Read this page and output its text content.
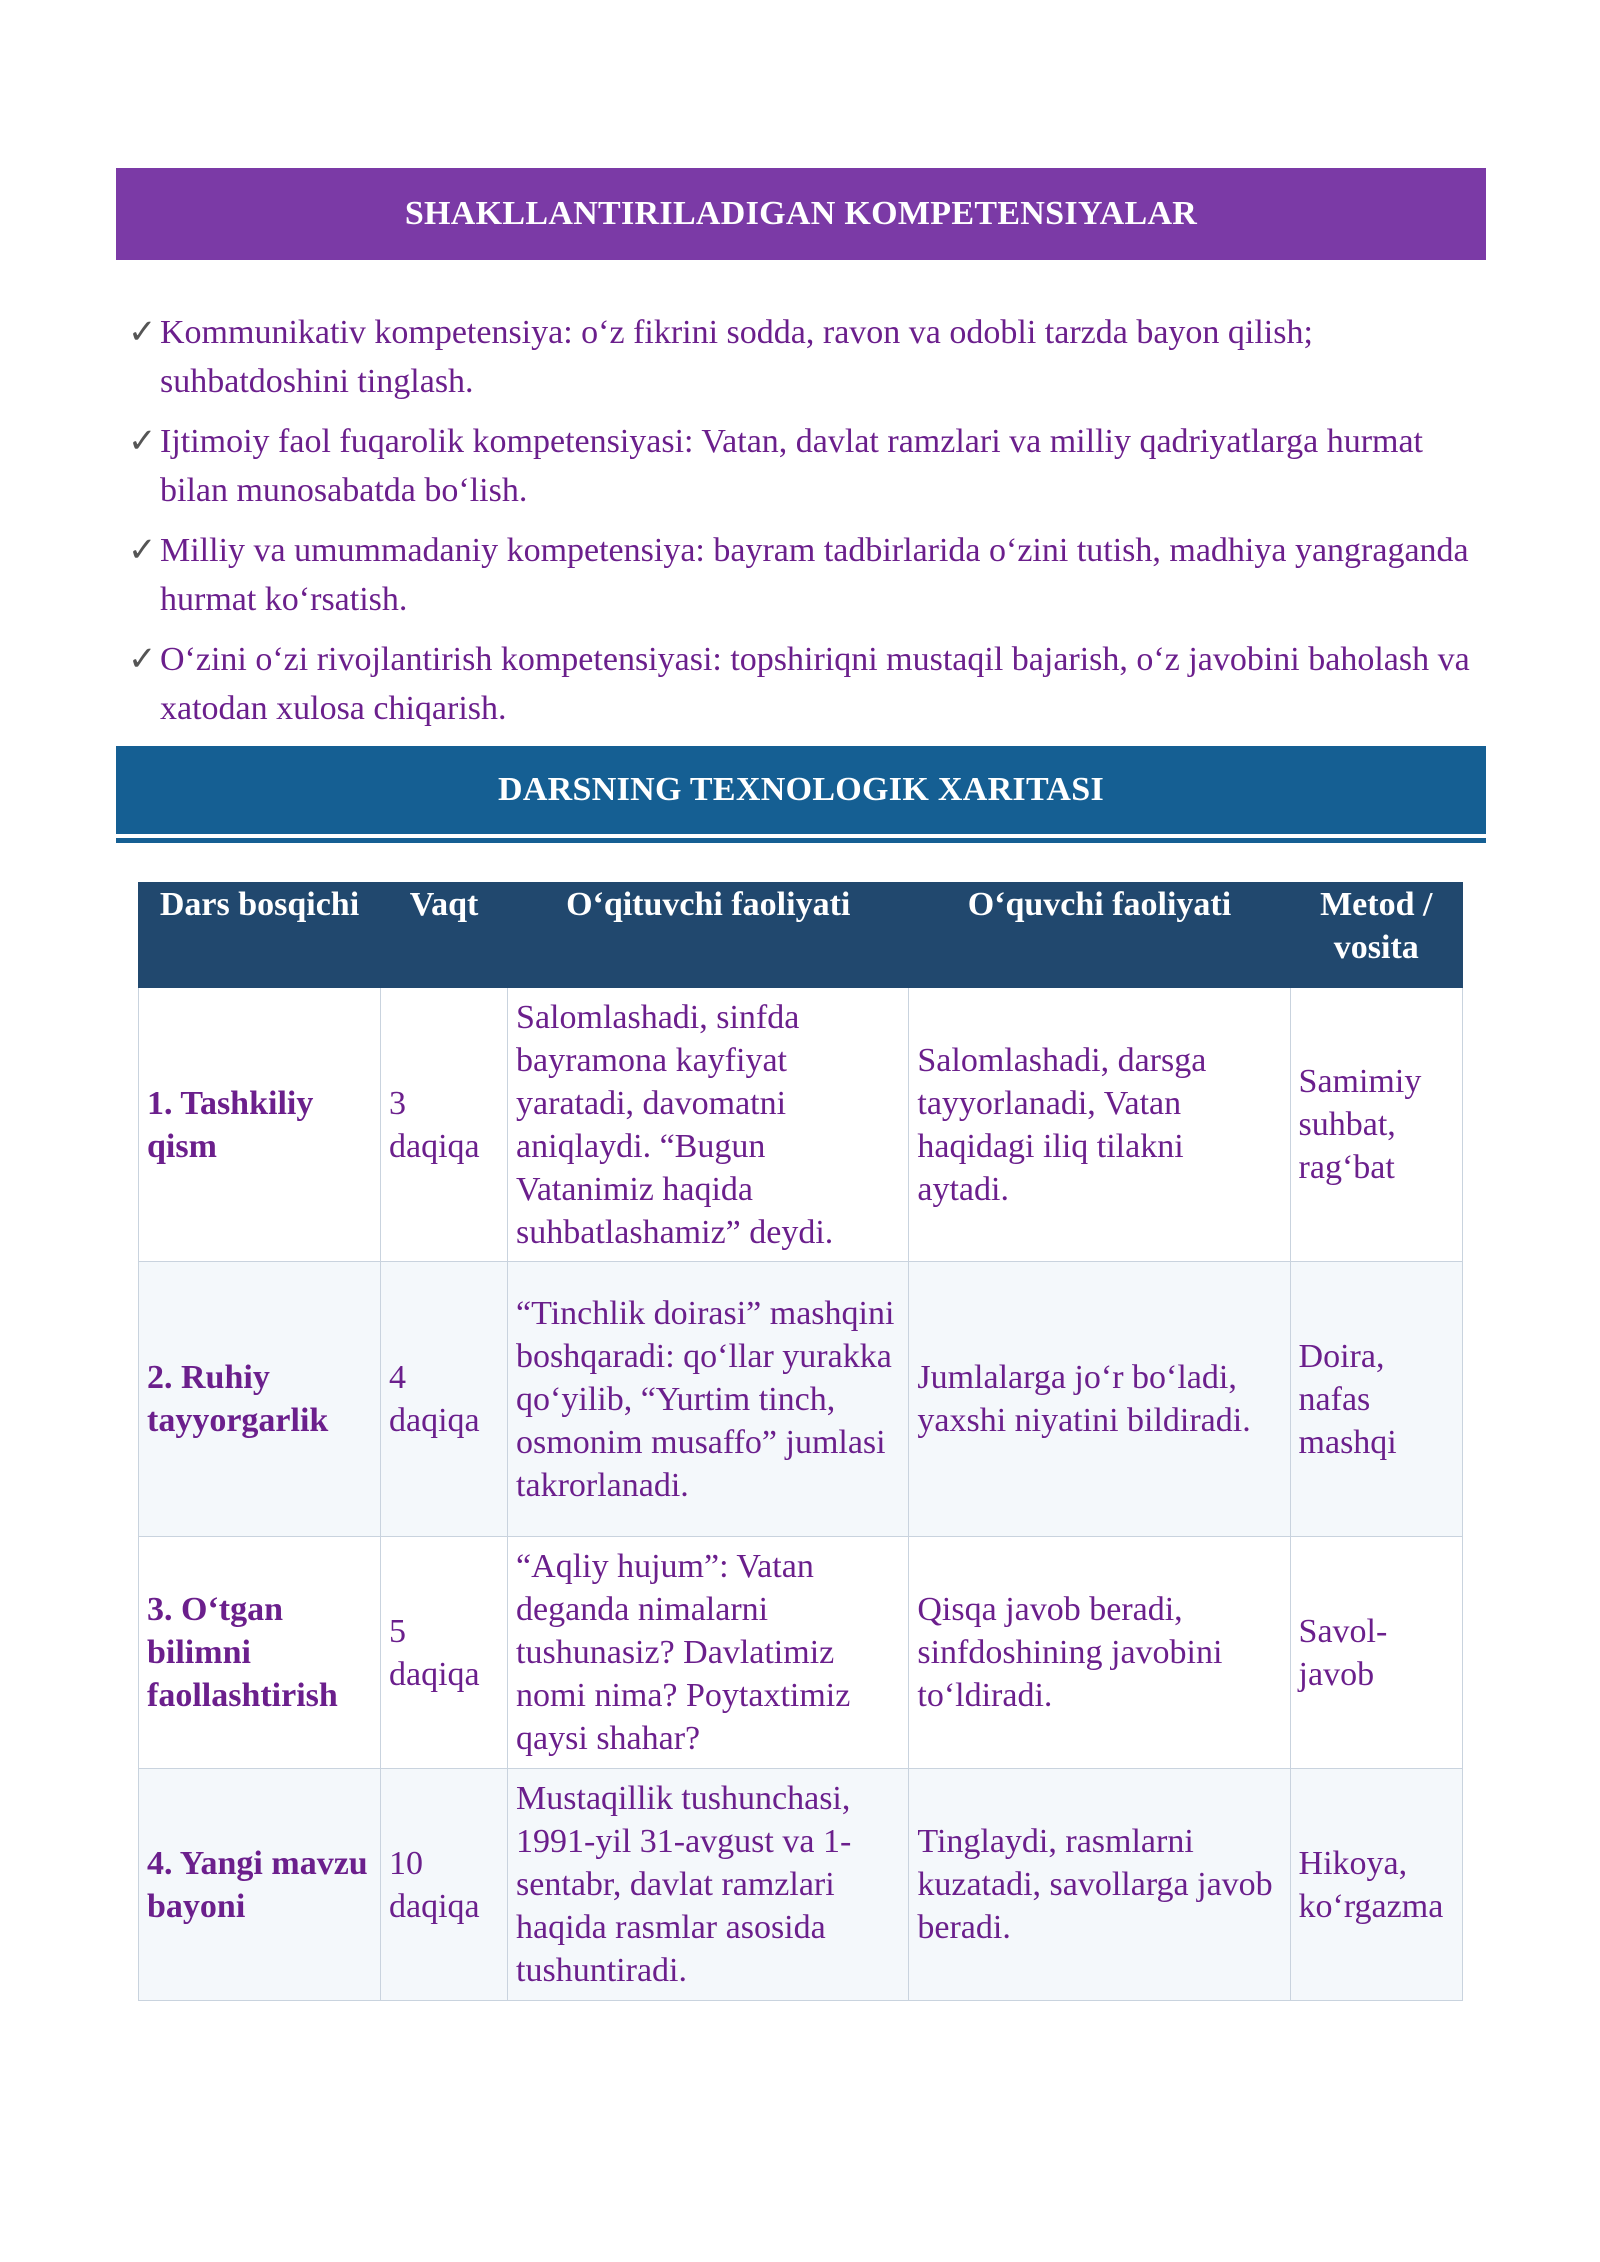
SHAKLLANTIRILADIGAN KOMPETENSIYALAR
✓ Kommunikativ kompetensiya: o‘z fikrini sodda, ravon va odobli tarzda bayon qilish; suhbatdoshini tinglash.
✓ Ijtimoiy faol fuqarolik kompetensiyasi: Vatan, davlat ramzlari va milliy qadriyatlarga hurmat bilan munosabatda bo‘lish.
✓ Milliy va umummadaniy kompetensiya: bayram tadbirlarida o‘zini tutish, madhiya yangraganda hurmat ko‘rsatish.
✓ O‘zini o‘zi rivojlantirish kompetensiyasi: topshiriqni mustaqil bajarish, o‘z javobini baholash va xatodan xulosa chiqarish.
DARSNING TEXNOLOGIK XARITASI
Dars bosqichi	Vaqt	O‘qituvchi faoliyati	O‘quvchi faoliyati	Metod / vosita
1. Tashkiliy qism	3 daqiqa	Salomlashadi, sinfda bayramona kayfiyat yaratadi, davomatni aniqlaydi. “Bugun Vatanimiz haqida suhbatlashamiz” deydi.	Salomlashadi, darsga tayyorlanadi, Vatan haqidagi iliq tilakni aytadi.	Samimiy suhbat, rag‘bat
2. Ruhiy tayyorgarlik	4 daqiqa	“Tinchlik doirasi” mashqini boshqaradi: qo‘llar yurakka qo‘yilib, “Yurtim tinch, osmonim musaffo” jumlasi takrorlanadi.	Jumlalarga jo‘r bo‘ladi, yaxshi niyatini bildiradi.	Doira, nafas mashqi
3. O‘tgan bilimni faollashtirish	5 daqiqa	“Aqliy hujum”: Vatan deganda nimalarni tushunasiz? Davlatimiz nomi nima? Poytaxtimiz qaysi shahar?	Qisqa javob beradi, sinfdoshining javobini to‘ldiradi.	Savol-javob
4. Yangi mavzu bayoni	10 daqiqa	Mustaqillik tushunchasi, 1991-yil 31-avgust va 1-sentabr, davlat ramzlari haqida rasmlar asosida tushuntiradi.	Tinglaydi, rasmlarni kuzatadi, savollarga javob beradi.	Hikoya, ko‘rgazma
